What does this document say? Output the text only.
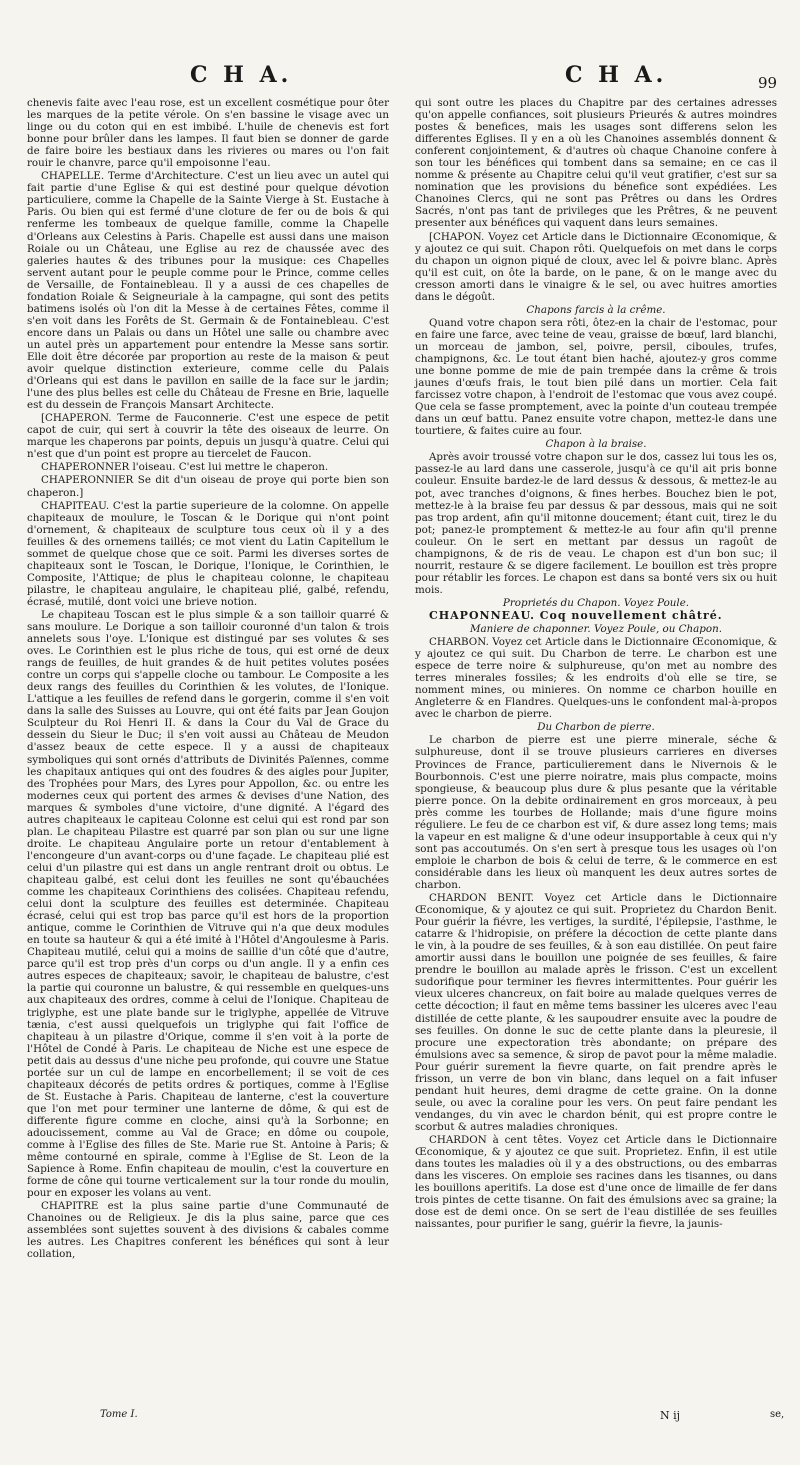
C H A.	C H A.	99

chenevis faite avec l'eau rose, est un excellent cosmétique pour ôter les marques de la petite vérole. On s'en bassine le visage avec un linge ou du coton qui en est imbibé. L'huile de chenevis est fort bonne pour brûler dans les lampes. Il faut bien se donner de garde de faire boire les bestiaux dans les rivieres ou mares ou l'on fait rouir le chanvre, parce qu'il empoisonne l'eau.

CHAPELLE. Terme d'Architecture. C'est un lieu avec un autel qui fait partie d'une Eglise & qui est destiné pour quelque dévotion particuliere, comme la Chapelle de la Sainte Vierge à St. Eustache à Paris. Ou bien qui est fermé d'une cloture de fer ou de bois & qui renferme les tombeaux de quelque famille, comme la Chapelle d'Orleans aux Celestins à Paris. Chapelle est aussi dans une maison Roiale ou un Château, une Eglise au rez de chaussée avec des galeries hautes & des tribunes pour la musique: ces Chapelles servent autant pour le peuple comme pour le Prince, comme celles de Versaille, de Fontainebleau. Il y a aussi de ces chapelles de fondation Roiale & Seigneuriale à la campagne, qui sont des petits batimens isolés où l'on dit la Messe à de certaines Fêtes, comme il s'en voit dans les Forêts de St. Germain & de Fontainebleau. C'est encore dans un Palais ou dans un Hôtel une salle ou chambre avec un autel près un appartement pour entendre la Messe sans sortir. Elle doit être décorée par proportion au reste de la maison & peut avoir quelque distinction exterieure, comme celle du Palais d'Orleans qui est dans le pavillon en saille de la face sur le jardin; l'une des plus belles est celle du Château de Fresne en Brie, laquelle est du dessein de François Mansart Architecte.

[CHAPERON. Terme de Fauconnerie. C'est une espece de petit capot de cuir, qui sert à couvrir la tête des oiseaux de leurre. On marque les chaperons par points, depuis un jusqu'à quatre. Celui qui n'est que d'un point est propre au tiercelet de Faucon.

CHAPERONNER l'oiseau. C'est lui mettre le chaperon.

CHAPERONNIER Se dit d'un oiseau de proye qui porte bien son chaperon.]

CHAPITEAU. C'est la partie superieure de la colomne. On appelle chapiteaux de moulure, le Toscan & le Dorique qui n'ont point d'ornement, & chapiteaux de sculpture tous ceux où il y a des feuilles & des ornemens taillés; ce mot vient du Latin Capitellum le sommet de quelque chose que ce soit. Parmi les diverses sortes de chapiteaux sont le Toscan, le Dorique, l'Ionique, le Corinthien, le Composite, l'Attique; de plus le chapiteau colonne, le chapiteau pilastre, le chapiteau angulaire, le chapiteau plié, galbé, refendu, écrasé, mutilé, dont voici une brieve notion.

Le chapiteau Toscan est le plus simple & a son tailloir quarré & sans moulure. Le Dorique a son tailloir couronné d'un talon & trois annelets sous l'oye. L'Ionique est distingué par ses volutes & ses oves. Le Corinthien est le plus riche de tous, qui est orné de deux rangs de feuilles, de huit grandes & de huit petites volutes posées contre un corps qui s'appelle cloche ou tambour. Le Composite a les deux rangs des feuilles du Corinthien & les volutes, de l'Ionique. L'attique a les feuilles de refend dans le gorgerin, comme il s'en voit dans la salle des Suisses au Louvre, qui ont été faits par Jean Goujon Sculpteur du Roi Henri II. & dans la Cour du Val de Grace du dessein du Sieur le Duc; il s'en voit aussi au Château de Meudon d'assez beaux de cette espece. Il y a aussi de chapiteaux symboliques qui sont ornés d'attributs de Divinités Païennes, comme les chapitaux antiques qui ont des foudres & des aigles pour Jupiter, des Trophées pour Mars, des Lyres pour Appollon, &c. ou entre les modernes ceux qui portent des armes & devises d'une Nation, des marques & symboles d'une victoire, d'une dignité. A l'égard des autres chapiteaux le capiteau Colonne est celui qui est rond par son plan. Le chapiteau Pilastre est quarré par son plan ou sur une ligne droite. Le chapiteau Angulaire porte un retour d'entablement à l'encongeure d'un avant-corps ou d'une façade. Le chapiteau plié est celui d'un pilastre qui est dans un angle rentrant droit ou obtus. Le chapiteau galbé, est celui dont les feuilles ne sont qu'ébauchées comme les chapiteaux Corinthiens des colisées. Chapiteau refendu, celui dont la sculpture des feuilles est determinée. Chapiteau écrasé, celui qui est trop bas parce qu'il est hors de la proportion antique, comme le Corinthien de Vitruve qui n'a que deux modules en toute sa hauteur & qui a été imité à l'Hôtel d'Angoulesme à Paris. Chapiteau mutilé, celui qui a moins de saillie d'un côté que d'autre, parce qu'il est trop près d'un corps ou d'un angle. Il y a enfin ces autres especes de chapiteaux; savoir, le chapiteau de balustre, c'est la partie qui couronne un balustre, & qui ressemble en quelques-uns aux chapiteaux des ordres, comme à celui de l'Ionique. Chapiteau de triglyphe, est une plate bande sur le triglyphe, appellée de Vitruve tænia, c'est aussi quelquefois un triglyphe qui fait l'office de chapiteau à un pilastre d'Orique, comme il s'en voit à la porte de l'Hôtel de Condé à Paris. Le chapiteau de Niche est une espece de petit dais au dessus d'une niche peu profonde, qui couvre une Statue portée sur un cul de lampe en encorbellement; il se voit de ces chapiteaux décorés de petits ordres & portiques, comme à l'Eglise de St. Eustache à Paris. Chapiteau de lanterne, c'est la couverture que l'on met pour terminer une lanterne de dôme, & qui est de differente figure comme en cloche, ainsi qu'à la Sorbonne; en adoucissement, comme au Val de Grace; en dôme ou coupole, comme à l'Eglise des filles de Ste. Marie rue St. Antoine à Paris; & même contourné en spirale, comme à l'Eglise de St. Leon de la Sapience à Rome. Enfin chapiteau de moulin, c'est la couverture en forme de cône qui tourne verticalement sur la tour ronde du moulin, pour en exposer les volans au vent.

CHAPITRE est la plus saine partie d'une Communauté de Chanoines ou de Religieux. Je dis la plus saine, parce que ces assemblées sont sujettes souvent à des divisions & cabales comme les autres. Les Chapitres conferent les bénéfices qui sont à leur collation,

qui sont outre les places du Chapitre par des certaines adresses qu'on appelle confiances, soit plusieurs Prieurés & autres moindres postes & benefices, mais les usages sont differens selon les differentes Eglises. Il y en a où les Chanoines assemblés donnent & conferent conjointement, & d'autres où chaque Chanoine confere à son tour les bénéfices qui tombent dans sa semaine; en ce cas il nomme & présente au Chapitre celui qu'il veut gratifier, c'est sur sa nomination que les provisions du bénefice sont expédiées. Les Chanoines Clercs, qui ne sont pas Prêtres ou dans les Ordres Sacrés, n'ont pas tant de privileges que les Prêtres, & ne peuvent presenter aux bénéfices qui vaquent dans leurs semaines.

[CHAPON. Voyez cet Article dans le Dictionnaire Œconomique, & y ajoutez ce qui suit. Chapon rôti. Quelquefois on met dans le corps du chapon un oignon piqué de cloux, avec lel & poivre blanc. Après qu'il est cuit, on ôte la barde, on le pane, & on le mange avec du cresson amorti dans le vinaigre & le sel, ou avec huitres amorties dans le dégoût.

Chapons farcis à la crême.

Quand votre chapon sera rôti, ôtez-en la chair de l'estomac, pour en faire une farce, avec teine de veau, graisse de bœuf, lard blanchi, un morceau de jambon, sel, poivre, persil, ciboules, trufes, champignons, &c. Le tout étant bien haché, ajoutez-y gros comme une bonne pomme de mie de pain trempée dans la crême & trois jaunes d'œufs frais, le tout bien pilé dans un mortier. Cela fait farcissez votre chapon, à l'endroit de l'estomac que vous avez coupé. Que cela se fasse promptement, avec la pointe d'un couteau trempée dans un œuf battu. Panez ensuite votre chapon, mettez-le dans une tourtiere, & faites cuire au four.

Chapon à la braise.

Après avoir troussé votre chapon sur le dos, cassez lui tous les os, passez-le au lard dans une casserole, jusqu'à ce qu'il ait pris bonne couleur. Ensuite bardez-le de lard dessus & dessous, & mettez-le au pot, avec tranches d'oignons, & fines herbes. Bouchez bien le pot, mettez-le à la braise feu par dessus & par dessous, mais qui ne soit pas trop ardent, afin qu'il mitonne doucement; étant cuit, tirez le du pot; panez-le promptement & mettez-le au four afin qu'il prenne couleur. On le sert en mettant par dessus un ragoût de champignons, & de ris de veau. Le chapon est d'un bon suc; il nourrit, restaure & se digere facilement. Le bouillon est très propre pour rétablir les forces. Le chapon est dans sa bonté vers six ou huit mois.

Proprietés du Chapon. Voyez Poule.

CHAPONNEAU. Coq nouvellement châtré.

Maniere de chaponner. Voyez Poule, ou Chapon.

CHARBON. Voyez cet Article dans le Dictionnaire Œconomique, & y ajoutez ce qui suit. Du Charbon de terre. Le charbon est une espece de terre noire & sulphureuse, qu'on met au nombre des terres minerales fossiles; & les endroits d'où elle se tire, se nomment mines, ou minieres. On nomme ce charbon houille en Angleterre & en Flandres. Quelques-uns le confondent mal-à-propos avec le charbon de pierre.

Du Charbon de pierre.

Le charbon de pierre est une pierre minerale, séche & sulphureuse, dont il se trouve plusieurs carrieres en diverses Provinces de France, particulierement dans le Nivernois & le Bourbonnois. C'est une pierre noiratre, mais plus compacte, moins spongieuse, & beaucoup plus dure & plus pesante que la véritable pierre ponce. On la debite ordinairement en gros morceaux, à peu près comme les tourbes de Hollande; mais d'une figure moins réguliere. Le feu de ce charbon est vif, & dure assez long tems; mais la vapeur en est maligne & d'une odeur insupportable à ceux qui n'y sont pas accoutumés. On s'en sert à presque tous les usages où l'on emploie le charbon de bois & celui de terre, & le commerce en est considérable dans les lieux où manquent les deux autres sortes de charbon.

CHARDON BENIT. Voyez cet Article dans le Dictionnaire Œconomique, & y ajoutez ce qui suit. Proprietez du Chardon Benit. Pour guérir la fiévre, les vertiges, la surdité, l'épilepsie, l'asthme, le catarre & l'hidropisie, on préfere la décoction de cette plante dans le vin, à la poudre de ses feuilles, & à son eau distillée. On peut faire amortir aussi dans le bouillon une poignée de ses feuilles, & faire prendre le bouillon au malade après le frisson. C'est un excellent sudorifique pour terminer les fievres intermittentes. Pour guérir les vieux ulceres chancreux, on fait boire au malade quelques verres de cette décoction; il faut en même tems bassiner les ulceres avec l'eau distillée de cette plante, & les saupoudrer ensuite avec la poudre de ses feuilles. On donne le suc de cette plante dans la pleuresie, il procure une expectoration très abondante; on prépare des émulsions avec sa semence, & sirop de pavot pour la même maladie. Pour guérir surement la fievre quarte, on fait prendre après le frisson, un verre de bon vin blanc, dans lequel on a fait infuser pendant huit heures, demi dragme de cette graine. On la donne seule, ou avec la coraline pour les vers. On peut faire pendant les vendanges, du vin avec le chardon bénit, qui est propre contre le scorbut & autres maladies chroniques.

CHARDON à cent têtes. Voyez cet Article dans le Dictionnaire Œconomique, & y ajoutez ce que suit. Proprietez. Enfin, il est utile dans toutes les maladies où il y a des obstructions, ou des embarras dans les visceres. On emploie ses racines dans les tisannes, ou dans les bouillons aperitifs. La dose est d'une once de limaille de fer dans trois pintes de cette tisanne. On fait des émulsions avec sa graine; la dose est de demi once. On se sert de l'eau distillée de ses feuilles naissantes, pour purifier le sang, guérir la fievre, la jaunis-

Tome I.	N ij	se,
